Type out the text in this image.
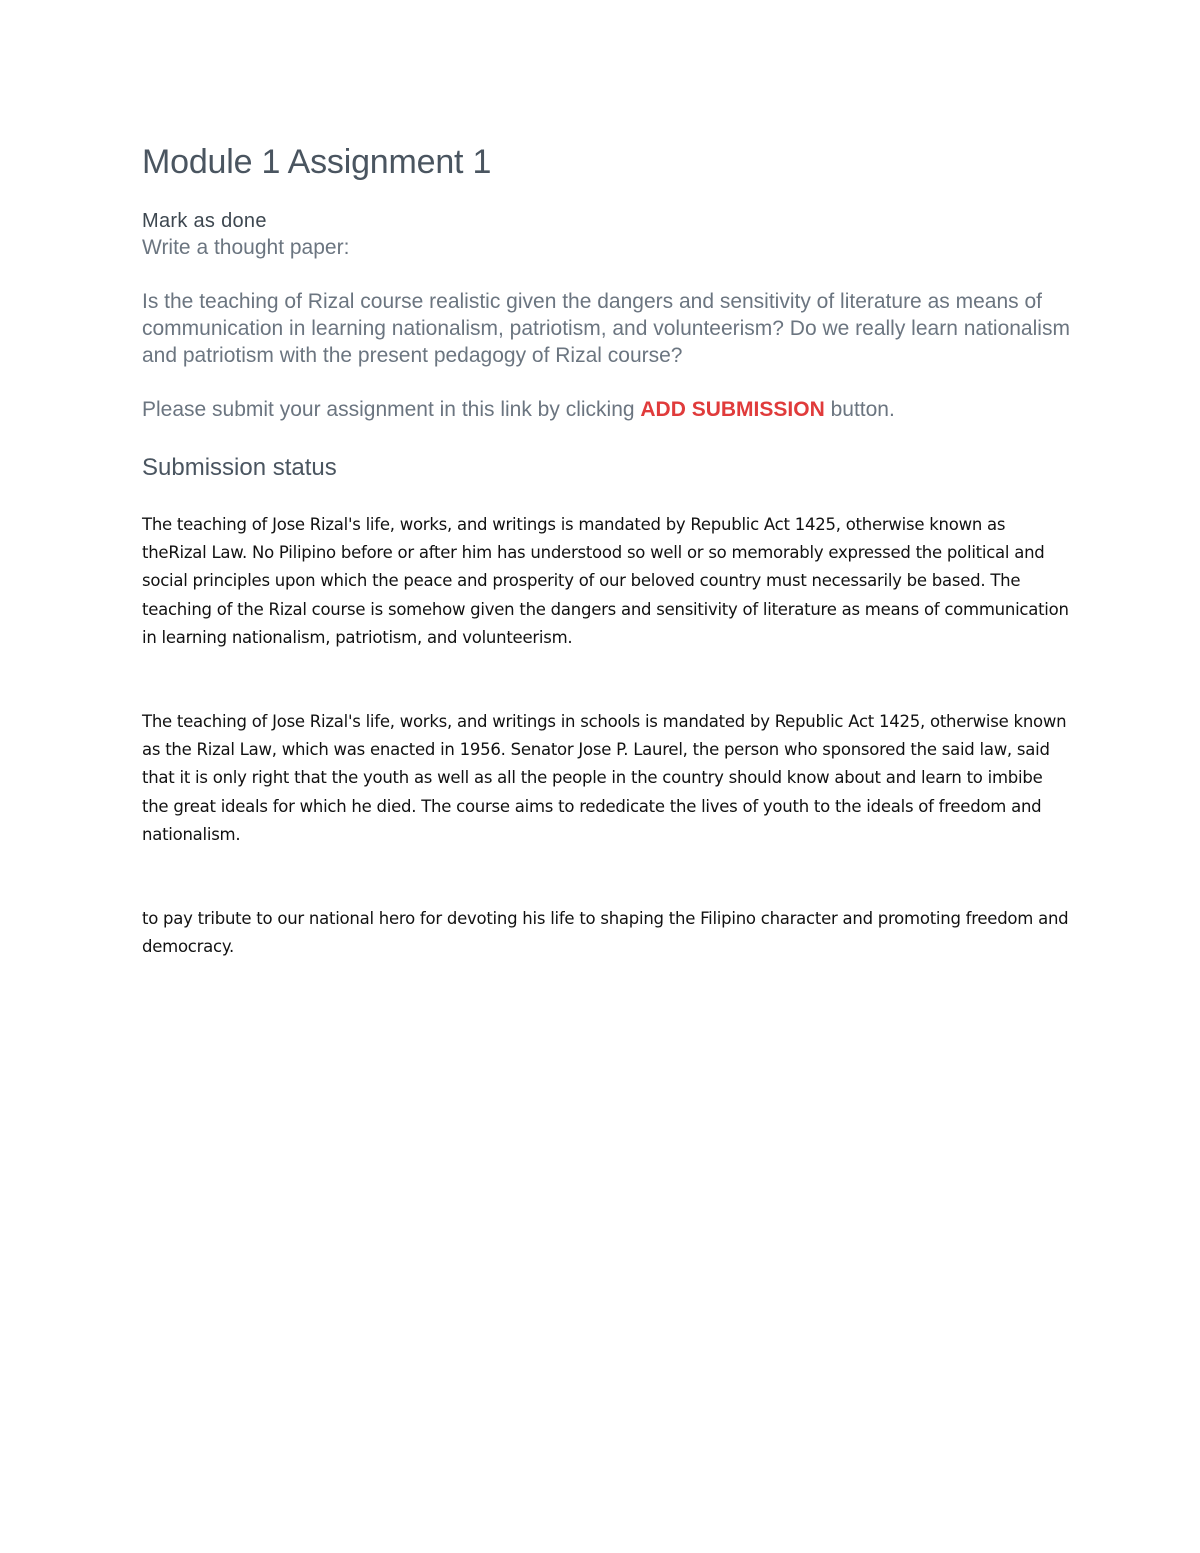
Module 1 Assignment 1
Mark as done

Write a thought paper:

Is the teaching of Rizal course realistic given the dangers and sensitivity of literature as means of communication in learning nationalism, patriotism, and volunteerism? Do we really learn nationalism and patriotism with the present pedagogy of Rizal course?

Please submit your assignment in this link by clicking ADD SUBMISSION button.

Submission status

The teaching of Jose Rizal's life, works, and writings is mandated by Republic Act 1425, otherwise known as theRizal Law. No Pilipino before or after him has understood so well or so memorably expressed the political and social principles upon which the peace and prosperity of our beloved country must necessarily be based. The teaching of the Rizal course is somehow given the dangers and sensitivity of literature as means of communication in learning nationalism, patriotism, and volunteerism.

The teaching of Jose Rizal's life, works, and writings in schools is mandated by Republic Act 1425, otherwise known as the Rizal Law, which was enacted in 1956. Senator Jose P. Laurel, the person who sponsored the said law, said that it is only right that the youth as well as all the people in the country should know about and learn to imbibe the great ideals for which he died. The course aims to rededicate the lives of youth to the ideals of freedom and nationalism.

to pay tribute to our national hero for devoting his life to shaping the Filipino character and promoting freedom and democracy.
